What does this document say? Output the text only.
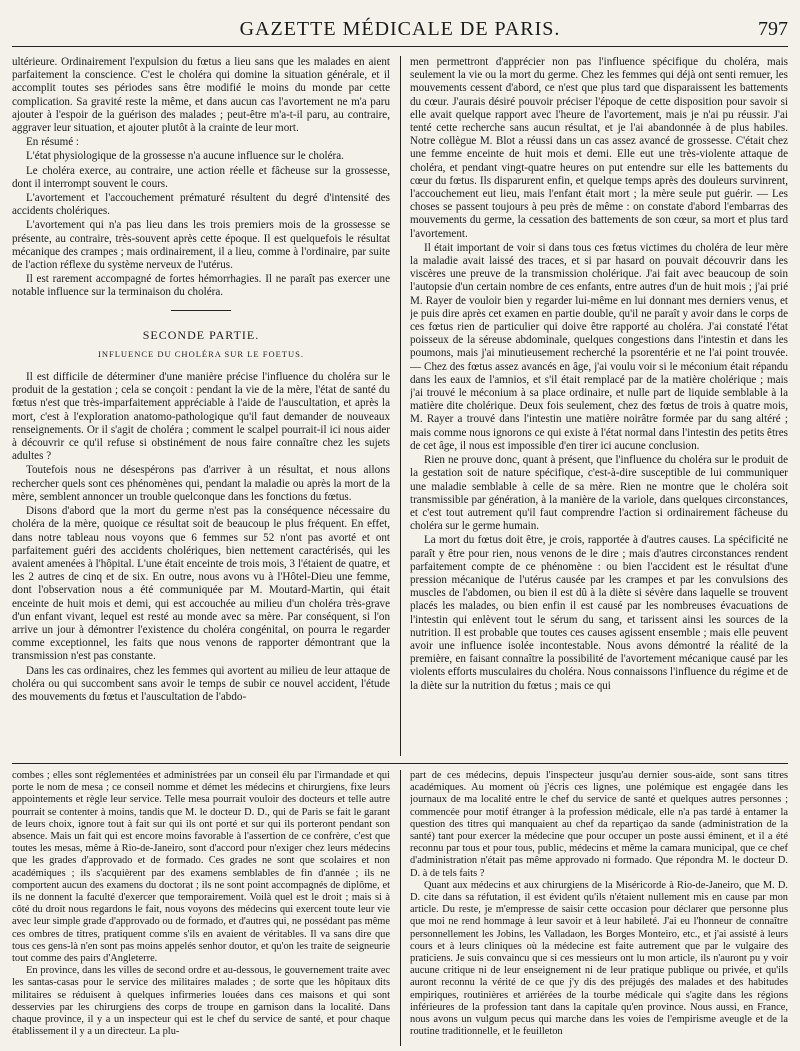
GAZETTE MÉDICALE DE PARIS.	797

ultérieure. Ordinairement l'expulsion du fœtus a lieu sans que les malades en aient parfaitement la conscience. C'est le choléra qui domine la situation générale, et il accomplit toutes ses périodes sans être modifié le moins du monde par cette complication. Sa gravité reste la même, et dans aucun cas l'avortement ne m'a paru ajouter à l'espoir de la guérison des malades ; peut-être m'a-t-il paru, au contraire, aggraver leur situation, et ajouter plutôt à la crainte de leur mort.

En résumé :

L'état physiologique de la grossesse n'a aucune influence sur le choléra.

Le choléra exerce, au contraire, une action réelle et fâcheuse sur la grossesse, dont il interrompt souvent le cours.

L'avortement et l'accouchement prématuré résultent du degré d'intensité des accidents cholériques.

L'avortement qui n'a pas lieu dans les trois premiers mois de la grossesse se présente, au contraire, très-souvent après cette époque. Il est quelquefois le résultat mécanique des crampes ; mais ordinairement, il a lieu, comme à l'ordinaire, par suite de l'action réflexe du système nerveux de l'utérus.

Il est rarement accompagné de fortes hémorrhagies. Il ne paraît pas exercer une notable influence sur la terminaison du choléra.

SECONDE PARTIE.
INFLUENCE DU CHOLÉRA SUR LE FOETUS.

Il est difficile de déterminer d'une manière précise l'influence du choléra sur le produit de la gestation ; cela se conçoit : pendant la vie de la mère, l'état de santé du fœtus n'est que très-imparfaitement appréciable à l'aide de l'auscultation, et après la mort, c'est à l'exploration anatomo-pathologique qu'il faut demander de nouveaux renseignements. Or il s'agit de choléra ; comment le scalpel pourrait-il ici nous aider à découvrir ce qu'il refuse si obstinément de nous faire connaître chez les sujets adultes ?

Toutefois nous ne désespérons pas d'arriver à un résultat, et nous allons rechercher quels sont ces phénomènes qui, pendant la maladie ou après la mort de la mère, semblent annoncer un trouble quelconque dans les fonctions du fœtus.

Disons d'abord que la mort du germe n'est pas la conséquence nécessaire du choléra de la mère, quoique ce résultat soit de beaucoup le plus fréquent. En effet, dans notre tableau nous voyons que 6 femmes sur 52 n'ont pas avorté et ont parfaitement guéri des accidents cholériques, bien nettement caractérisés, qui les avaient amenées à l'hôpital. L'une était enceinte de trois mois, 3 l'étaient de quatre, et les 2 autres de cinq et de six. En outre, nous avons vu à l'Hôtel-Dieu une femme, dont l'observation nous a été communiquée par M. Moutard-Martin, qui était enceinte de huit mois et demi, qui est accouchée au milieu d'un choléra très-grave d'un enfant vivant, lequel est resté au monde avec sa mère. Par conséquent, si l'on arrive un jour à démontrer l'existence du choléra congénital, on pourra le regarder comme exceptionnel, les faits que nous venons de rapporter démontrant que la transmission n'est pas constante.

Dans les cas ordinaires, chez les femmes qui avortent au milieu de leur attaque de choléra ou qui succombent sans avoir le temps de subir ce nouvel accident, l'étude des mouvements du fœtus et l'auscultation de l'abdo-

men permettront d'apprécier non pas l'influence spécifique du choléra, mais seulement la vie ou la mort du germe. Chez les femmes qui déjà ont senti remuer, les mouvements cessent d'abord, ce n'est que plus tard que disparaissent les battements du cœur. J'aurais désiré pouvoir préciser l'époque de cette disposition pour savoir si elle avait quelque rapport avec l'heure de l'avortement, mais je n'ai pu réussir. J'ai tenté cette recherche sans aucun résultat, et je l'ai abandonnée à de plus habiles. Notre collègue M. Blot a réussi dans un cas assez avancé de grossesse. C'était chez une femme enceinte de huit mois et demi. Elle eut une très-violente attaque de choléra, et pendant vingt-quatre heures on put entendre sur elle les battements du cœur du fœtus. Ils disparurent enfin, et quelque temps après des douleurs survinrent, l'accouchement eut lieu, mais l'enfant était mort ; la mère seule put guérir. — Les choses se passent toujours à peu près de même : on constate d'abord l'embarras des mouvements du germe, la cessation des battements de son cœur, sa mort et plus tard l'avortement.

Il était important de voir si dans tous ces fœtus victimes du choléra de leur mère la maladie avait laissé des traces, et si par hasard on pouvait découvrir dans les viscères une preuve de la transmission cholérique. J'ai fait avec beaucoup de soin l'autopsie d'un certain nombre de ces enfants, entre autres d'un de huit mois ; j'ai prié M. Rayer de vouloir bien y regarder lui-même en lui donnant mes derniers venus, et je puis dire après cet examen en partie double, qu'il ne paraît y avoir dans le corps de ces fœtus rien de particulier qui doive être rapporté au choléra. J'ai constaté l'état poisseux de la séreuse abdominale, quelques congestions dans l'intestin et dans les poumons, mais j'ai minutieusement recherché la psorentérie et ne l'ai point trouvée. — Chez des fœtus assez avancés en âge, j'ai voulu voir si le méconium était répandu dans les eaux de l'amnios, et s'il était remplacé par de la matière cholérique ; mais j'ai trouvé le méconium à sa place ordinaire, et nulle part de liquide semblable à la matière dite cholérique. Deux fois seulement, chez des fœtus de trois à quatre mois, M. Rayer a trouvé dans l'intestin une matière noirâtre formée par du sang altéré ; mais comme nous ignorons ce qui existe à l'état normal dans l'intestin des petits êtres de cet âge, il nous est impossible d'en tirer ici aucune conclusion.

Rien ne prouve donc, quant à présent, que l'influence du choléra sur le produit de la gestation soit de nature spécifique, c'est-à-dire susceptible de lui communiquer une maladie semblable à celle de sa mère. Rien ne montre que le choléra soit transmissible par génération, à la manière de la variole, dans quelques circonstances, et c'est tout autrement qu'il faut comprendre l'action si ordinairement fâcheuse du choléra sur le germe humain.

La mort du fœtus doit être, je crois, rapportée à d'autres causes. La spécificité ne paraît y être pour rien, nous venons de le dire ; mais d'autres circonstances rendent parfaitement compte de ce phénomène : ou bien l'accident est le résultat d'une pression mécanique de l'utérus causée par les crampes et par les convulsions des muscles de l'abdomen, ou bien il est dû à la diète si sévère dans laquelle se trouvent placés les malades, ou bien enfin il est causé par les nombreuses évacuations de l'intestin qui enlèvent tout le sérum du sang, et tarissent ainsi les sources de la nutrition. Il est probable que toutes ces causes agissent ensemble ; mais elle peuvent avoir une influence isolée incontestable. Nous avons démontré la réalité de la première, en faisant connaître la possibilité de l'avortement mécanique causé par les violents efforts musculaires du choléra. Nous connaissons l'influence du régime et de la diète sur la nutrition du fœtus ; mais ce qui

combes ; elles sont réglementées et administrées par un conseil élu par l'irmandade et qui porte le nom de mesa ; ce conseil nomme et démet les médecins et chirurgiens, fixe leurs appointements et règle leur service. Telle mesa pourrait vouloir des docteurs et telle autre pourrait se contenter à moins, tandis que M. le docteur D. D., qui de Paris se fait le garant de leurs choix, ignore tout à fait sur qui ils ont porté et sur qui ils porteront pendant son absence. Mais un fait qui est encore moins favorable à l'assertion de ce confrère, c'est que toutes les mesas, même à Rio-de-Janeiro, sont d'accord pour n'exiger chez leurs médecins que les grades d'approvado et de formado. Ces grades ne sont que scolaires et non académiques ; ils s'acquièrent par des examens semblables de fin d'année ; ils ne comportent aucun des examens du doctorat ; ils ne sont point accompagnés de diplôme, et ils ne donnent la faculté d'exercer que temporairement. Voilà quel est le droit ; mais si à côté du droit nous regardons le fait, nous voyons des médecins qui exercent toute leur vie avec leur simple grade d'approvado ou de formado, et d'autres qui, ne possédant pas même ces ombres de titres, pratiquent comme s'ils en avaient de véritables. Il va sans dire que tous ces gens-là n'en sont pas moins appelés senhor doutor, et qu'on les traite de seigneurie tout comme des pairs d'Angleterre.

En province, dans les villes de second ordre et au-dessous, le gouvernement traite avec les santas-casas pour le service des militaires malades ; de sorte que les hôpitaux dits militaires se réduisent à quelques infirmeries louées dans ces maisons et qui sont desservies par les chirurgiens des corps de troupe en garnison dans la localité. Dans chaque province, il y a un inspecteur qui est le chef du service de santé, et pour chaque établissement il y a un directeur. La plu-

part de ces médecins, depuis l'inspecteur jusqu'au dernier sous-aide, sont sans titres académiques. Au moment où j'écris ces lignes, une polémique est engagée dans les journaux de ma localité entre le chef du service de santé et quelques autres personnes ; commencée pour motif étranger à la profession médicale, elle n'a pas tardé à entamer la question des titres qui manquaient au chef da repartiçao da sande (administration de la santé) tant pour exercer la médecine que pour occuper un poste aussi éminent, et il a été reconnu par tous et pour tous, public, médecins et même la camara municipal, que ce chef d'administration n'était pas même approvado ni formado. Que répondra M. le docteur D. D. à de tels faits ?

Quant aux médecins et aux chirurgiens de la Miséricorde à Rio-de-Janeiro, que M. D. D. cite dans sa réfutation, il est évident qu'ils n'étaient nullement mis en cause par mon article. Du reste, je m'empresse de saisir cette occasion pour déclarer que personne plus que moi ne rend hommage à leur savoir et à leur habileté. J'ai eu l'honneur de connaître personnellement les Jobins, les Valladaon, les Borges Monteiro, etc., et j'ai assisté à leurs cours et à leurs cliniques où la médecine est faite autrement que par le vulgaire des praticiens. Je suis convaincu que si ces messieurs ont lu mon article, ils n'auront pu y voir aucune critique ni de leur enseignement ni de leur pratique publique ou privée, et qu'ils auront reconnu la vérité de ce que j'y dis des préjugés des malades et des habitudes empiriques, routinières et arriérées de la tourbe médicale qui s'agite dans les régions inférieures de la profession tant dans la capitale qu'en province. Nous aussi, en France, nous avons un vulgum pecus qui marche dans les voies de l'empirisme aveugle et de la routine traditionnelle, et le feuilleton
